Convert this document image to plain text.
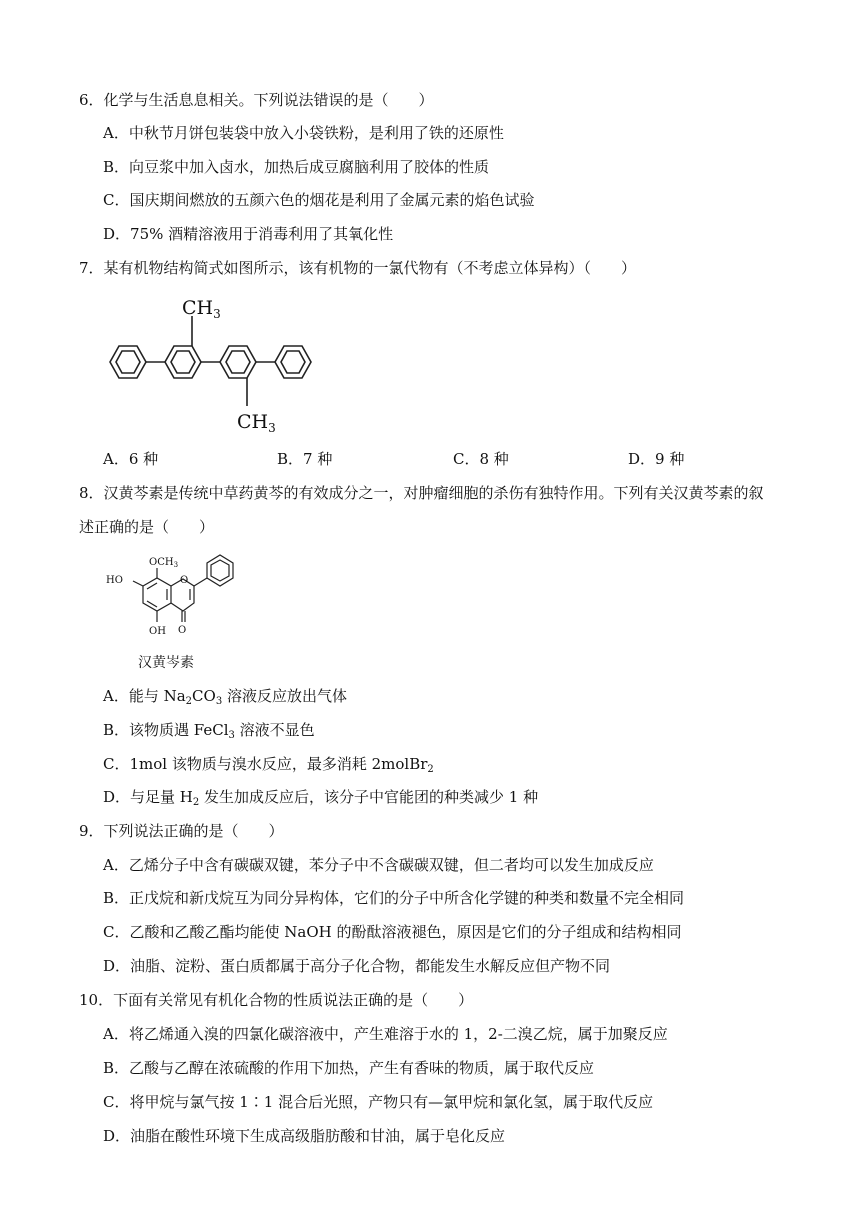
6．化学与生活息息相关。下列说法错误的是（　　）
A．中秋节月饼包装袋中放入小袋铁粉，是利用了铁的还原性
B．向豆浆中加入卤水，加热后成豆腐脑利用了胶体的性质
C．国庆期间燃放的五颜六色的烟花是利用了金属元素的焰色试验
D．75% 酒精溶液用于消毒利用了其氧化性
7．某有机物结构简式如图所示，该有机物的一氯代物有（不考虑立体异构）（　　）
$CH_3$
$CH_3$
A．6 种	B．7 种	C．8 种	D．9 种
8．汉黄芩素是传统中草药黄芩的有效成分之一，对肿瘤细胞的杀伤有独特作用。下列有关汉黄芩素的叙
述正确的是（　　）
$OCH_3$
O
HO
OH O
汉黄岑素
A．能与 $Na_2CO_3$ 溶液反应放出气体
B．该物质遇 FeCl$_3$ 溶液不显色
C．1mol 该物质与溴水反应，最多消耗 2molBr$_2$
D．与足量 $H_2$ 发生加成反应后，该分子中官能团的种类减少 1 种
9．下列说法正确的是（　　）
A．乙烯分子中含有碳碳双键，苯分子中不含碳碳双键，但二者均可以发生加成反应
B．正戊烷和新戊烷互为同分异构体，它们的分子中所含化学键的种类和数量不完全相同
C．乙酸和乙酸乙酯均能使 NaOH 的酚酞溶液褪色，原因是它们的分子组成和结构相同
D．油脂、淀粉、蛋白质都属于高分子化合物，都能发生水解反应但产物不同
10．下面有关常见有机化合物的性质说法正确的是（　　）
A．将乙烯通入溴的四氯化碳溶液中，产生难溶于水的 1，2-二溴乙烷，属于加聚反应
B．乙酸与乙醇在浓硫酸的作用下加热，产生有香味的物质，属于取代反应
C．将甲烷与氯气按 1∶1 混合后光照，产物只有—氯甲烷和氯化氢，属于取代反应
D．油脂在酸性环境下生成高级脂肪酸和甘油，属于皂化反应
